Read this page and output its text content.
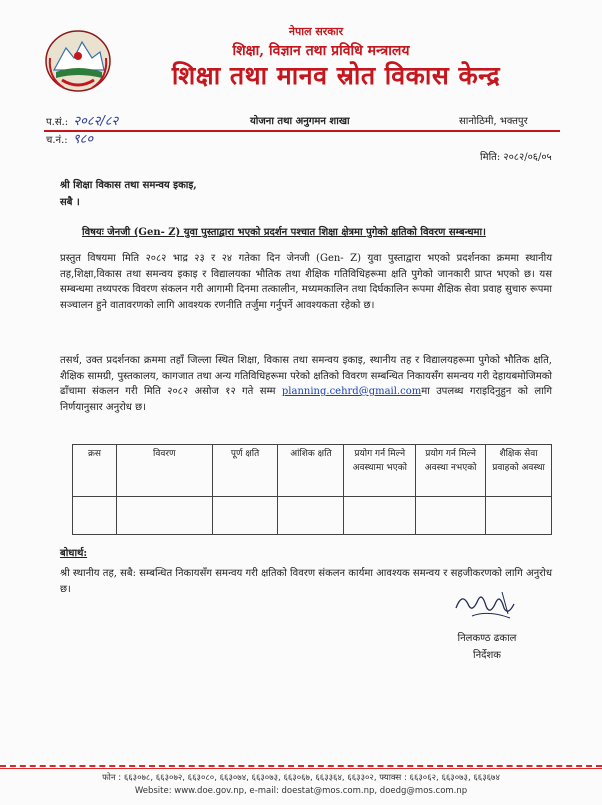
नेपाल सरकार
शिक्षा, विज्ञान तथा प्रविधि मन्त्रालय
शिक्षा तथा मानव स्रोत विकास केन्द्र
प.सं.: २०८२/८२
च.नं.: ९८०
योजना तथा अनुगमन शाखा	सानोठिमी, भक्तपुर
मिति: २०८२/०६/०५
श्री शिक्षा विकास तथा समन्वय इकाइ,
सबै ।
विषयः जेनजी (Gen- Z) युवा पुस्ताद्वारा भएको प्रदर्शन पश्चात शिक्षा क्षेत्रमा पुगेको क्षतिको विवरण सम्बन्धमा।

प्रस्तुत विषयमा मिति २०८२ भाद्र २३ र २४ गतेका दिन जेनजी (Gen- Z) युवा पुस्ताद्वारा भएको प्रदर्शनका क्रममा स्थानीय तह,शिक्षा,विकास तथा समन्वय इकाइ र विद्यालयका भौतिक तथा शैक्षिक गतिविधिहरूमा क्षति पुगेको जानकारी प्राप्त भएको छ। यस सम्बन्धमा तथ्यपरक विवरण संकलन गरी आगामी दिनमा तत्कालीन, मध्यमकालिन तथा दिर्घकालिन रूपमा शैक्षिक सेवा प्रवाह सुचारु रूपमा सञ्चालन हुने वातावरणको लागि आवश्यक रणनीति तर्जुमा गर्नुपर्ने आवश्यकता रहेको छ।

तसर्थ, उक्त प्रदर्शनका क्रममा तहाँ जिल्ला स्थित शिक्षा, विकास तथा समन्वय इकाइ, स्थानीय तह र विद्यालयहरूमा पुगेको भौतिक क्षति, शैक्षिक सामग्री, पुस्तकालय, कागजात तथा अन्य गतिविधिहरूमा परेको क्षतिको विवरण सम्बन्धित निकायसँग समन्वय गरी देहायबमोजिमको ढाँचामा संकलन गरी मिति २०८२ असोज १२ गते सम्म planning.cehrd@gmail.comमा उपलब्ध गराइदिनुहुन को लागि निर्णयानुसार अनुरोध छ।

क्रस	विवरण	पूर्ण क्षति	आंशिक क्षति	प्रयोग गर्न मिल्ने अवस्थामा भएको	प्रयोग गर्न मिल्ने अवस्था नभएको	शैक्षिक सेवा प्रवाहको अवस्था

बोधार्थ:
श्री स्थानीय तह, सबै: सम्बन्धित निकायसँग समन्वय गरी क्षतिको विवरण संकलन कार्यमा आवश्यक समन्वय र सहजीकरणको लागि अनुरोध छ।
निलकण्ठ ढकाल
निर्देशक
फोन : ६६३०७८, ६६३०७२, ६६३०८०, ६६३०७४, ६६३०७३, ६६३०६७, ६६३३६४, ६६३३०२, फ्याक्स : ६६३०६२, ६६३०७३, ६६३६७४
Website: www.doe.gov.np, e-mail: doestat@mos.com.np, doedg@mos.com.np
